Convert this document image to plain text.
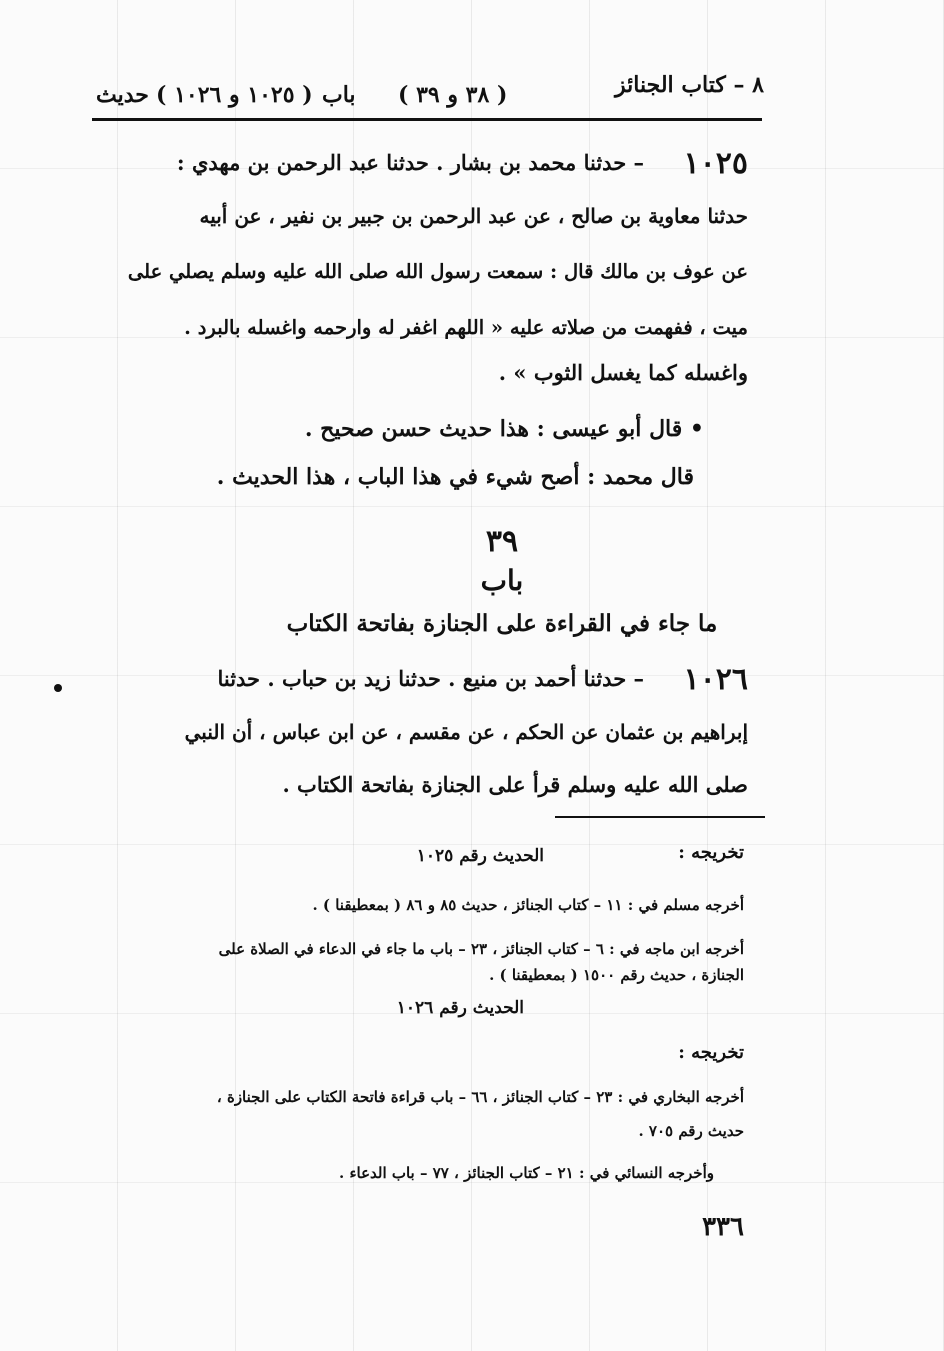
حديث ( ١٠٢٥ و ١٠٢٦ ) باب ( ٣٨ و ٣٩ )	٨ – كتاب الجنائز
١٠٢٥
– حدثنا محمد بن بشار . حدثنا عبد الرحمن بن مهدي :
حدثنا معاوية بن صالح ، عن عبد الرحمن بن جبير بن نفير ، عن أبيه
عن عوف بن مالك قال : سمعت رسول الله صلى الله عليه وسلم يصلي على
ميت ، ففهمت من صلاته عليه « اللهم اغفر له وارحمه واغسله بالبرد .
واغسله كما يغسل الثوب » .
• قال أبو عيسى : هذا حديث حسن صحيح .
قال محمد : أصح شيء في هذا الباب ، هذا الحديث .
٣٩
باب
ما جاء في القراءة على الجنازة بفاتحة الكتاب
١٠٢٦
– حدثنا أحمد بن منيع . حدثنا زيد بن حباب . حدثنا
إبراهيم بن عثمان عن الحكم ، عن مقسم ، عن ابن عباس ، أن النبي
صلى الله عليه وسلم قرأ على الجنازة بفاتحة الكتاب .
تخريجه :
الحديث رقم ١٠٢٥
أخرجه مسلم في : ١١ – كتاب الجنائز ، حديث ٨٥ و ٨٦ ( بمعطيقنا ) .
أخرجه ابن ماجه في : ٦ – كتاب الجنائز ، ٢٣ – باب ما جاء في الدعاء في الصلاة على
الجنازة ، حديث رقم ١٥٠٠ ( بمعطيقنا ) .
الحديث رقم ١٠٢٦
تخريجه :
أخرجه البخاري في : ٢٣ – كتاب الجنائز ، ٦٦ – باب قراءة فاتحة الكتاب على الجنازة ،
حديث رقم ٧٠٥ .
وأخرجه النسائي في : ٢١ – كتاب الجنائز ، ٧٧ – باب الدعاء .
٣٣٦
